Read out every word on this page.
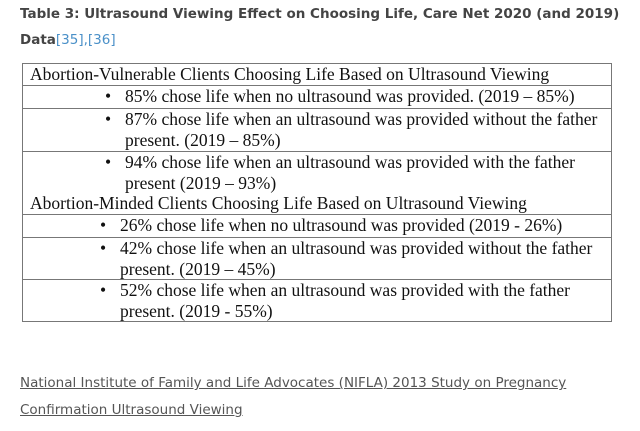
Table 3: Ultrasound Viewing Effect on Choosing Life, Care Net 2020 (and 2019)
Data[35],[36]
Abortion-Vulnerable Clients Choosing Life Based on Ultrasound Viewing
• 85% chose life when no ultrasound was provided. (2019 – 85%)
• 87% chose life when an ultrasound was provided without the father present. (2019 – 85%)
• 94% chose life when an ultrasound was provided with the father present (2019 – 93%)
Abortion-Minded Clients Choosing Life Based on Ultrasound Viewing
• 26% chose life when no ultrasound was provided (2019 - 26%)
• 42% chose life when an ultrasound was provided without the father present. (2019 – 45%)
• 52% chose life when an ultrasound was provided with the father present. (2019 - 55%)
National Institute of Family and Life Advocates (NIFLA) 2013 Study on Pregnancy Confirmation Ultrasound Viewing
